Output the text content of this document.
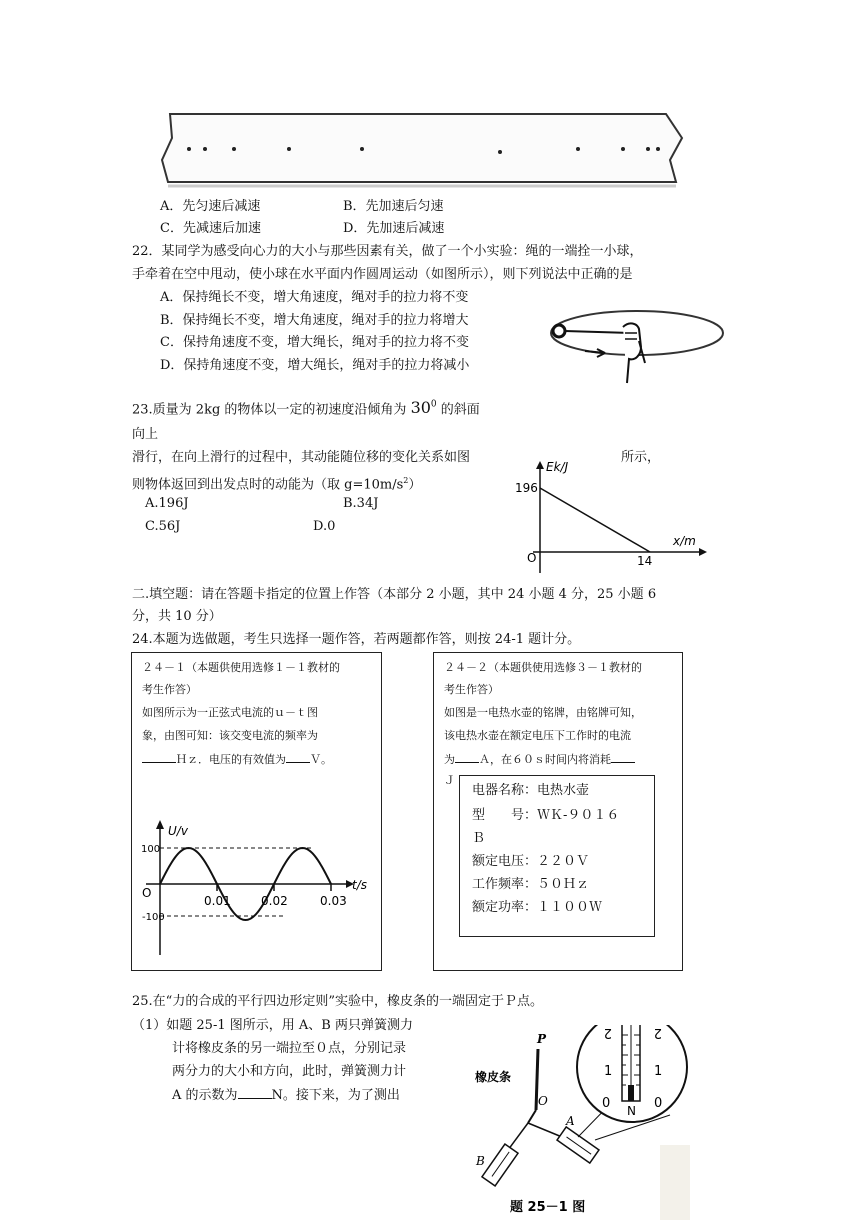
A．先匀速后减速	B．先加速后匀速
C．先减速后加速	D．先加速后减速
22．某同学为感受向心力的大小与那些因素有关，做了一个小实验：绳的一端拴一小球，
手牵着在空中甩动，使小球在水平面内作圆周运动（如图所示），则下列说法中正确的是
A．保持绳长不变，增大角速度，绳对手的拉力将不变
B．保持绳长不变，增大角速度，绳对手的拉力将增大
C．保持角速度不变，增大绳长，绳对手的拉力将不变
D．保持角速度不变，增大绳长，绳对手的拉力将减小
23.质量为 2kg 的物体以一定的初速度沿倾角为 $30^0$ 的斜面
向上
滑行，在向上滑行的过程中，其动能随位移的变化关系如图	所示，
则物体返回到出发点时的动能为（取 $g=10m/s^2$）
A.196J	B.34J
C.56J	D.0
Ek/J
196
O	14
x/m
二.填空题：请在答题卡指定的位置上作答（本部分 2 小题，其中 24 小题 4 分，25 小题 6
分，共 10 分）
24.本题为选做题，考生只选择一题作答，若两题都作答，则按 24-1 题计分。
２４－１（本题供使用选修１－１教材的
考生作答）
如图所示为一正弦式电流的ｕ－ｔ图
象，由图可知：该交变电流的频率为
Ｈｚ．电压的有效值为 Ｖ。
U/v
100
-100
O
0.01	0.02	0.03
t/s
２４－２（本题供使用选修３－１教材的
考生作答）
如图是一电热水壶的铭牌，由铭牌可知，
该电热水壶在额定电压下工作时的电流
为 Ａ，在６０ｓ时间内将消耗
Ｊ
电器名称：电热水壶
型　　号：ＷＫ-９０１６
Ｂ
额定电压：２２０Ｖ
工作频率：５０Ｈｚ
额定功率：１１００Ｗ
25.在“力的合成的平行四边形定则”实验中，橡皮条的一端固定于Ｐ点。
（1）如题 25-1 图所示，用 A、B 两只弹簧测力
计将橡皮条的另一端拉至０点，分别记录
两分力的大小和方向，此时，弹簧测力计
A 的示数为	N。接下来，为了测出
P
橡皮条
O
A
B
2	2
1	1
0	0
N
题 25－1 图
